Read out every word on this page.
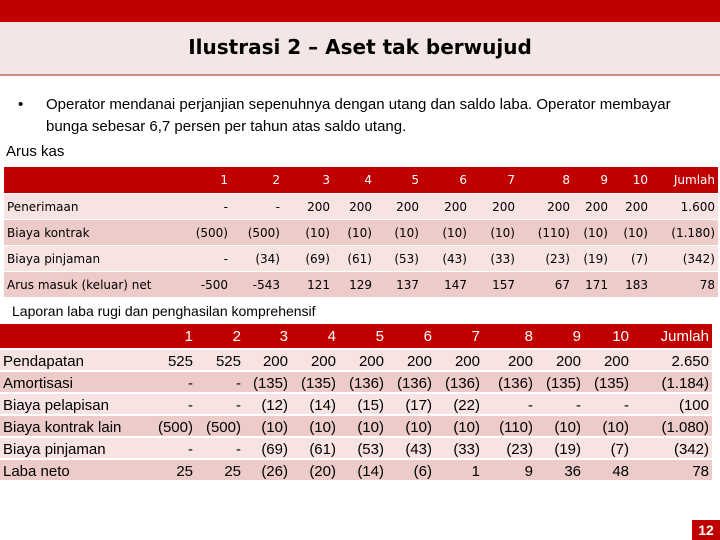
Ilustrasi 2 – Aset tak berwujud
• Operator mendanai perjanjian sepenuhnya dengan utang dan saldo laba. Operator membayar bunga sebesar 6,7 persen per tahun atas saldo utang.
Arus kas
	1	2	3	4	5	6	7	8	9	10	Jumlah
Penerimaan	-	-	200	200	200	200	200	200	200	200	1.600
Biaya kontrak	(500)	(500)	(10)	(10)	(10)	(10)	(10)	(110)	(10)	(10)	(1.180)
Biaya pinjaman	-	(34)	(69)	(61)	(53)	(43)	(33)	(23)	(19)	(7)	(342)
Arus masuk (keluar) net	-500	-543	121	129	137	147	157	67	171	183	78
Laporan laba rugi dan penghasilan komprehensif
	1	2	3	4	5	6	7	8	9	10	Jumlah
Pendapatan	525	525	200	200	200	200	200	200	200	200	2.650
Amortisasi	-	-	(135)	(135)	(136)	(136)	(136)	(136)	(135)	(135)	(1.184)
Biaya pelapisan	-	-	(12)	(14)	(15)	(17)	(22)	-	-	-	(100
Biaya kontrak lain	(500)	(500)	(10)	(10)	(10)	(10)	(10)	(110)	(10)	(10)	(1.080)
Biaya pinjaman	-	-	(69)	(61)	(53)	(43)	(33)	(23)	(19)	(7)	(342)
Laba neto	25	25	(26)	(20)	(14)	(6)	1	9	36	48	78
12
